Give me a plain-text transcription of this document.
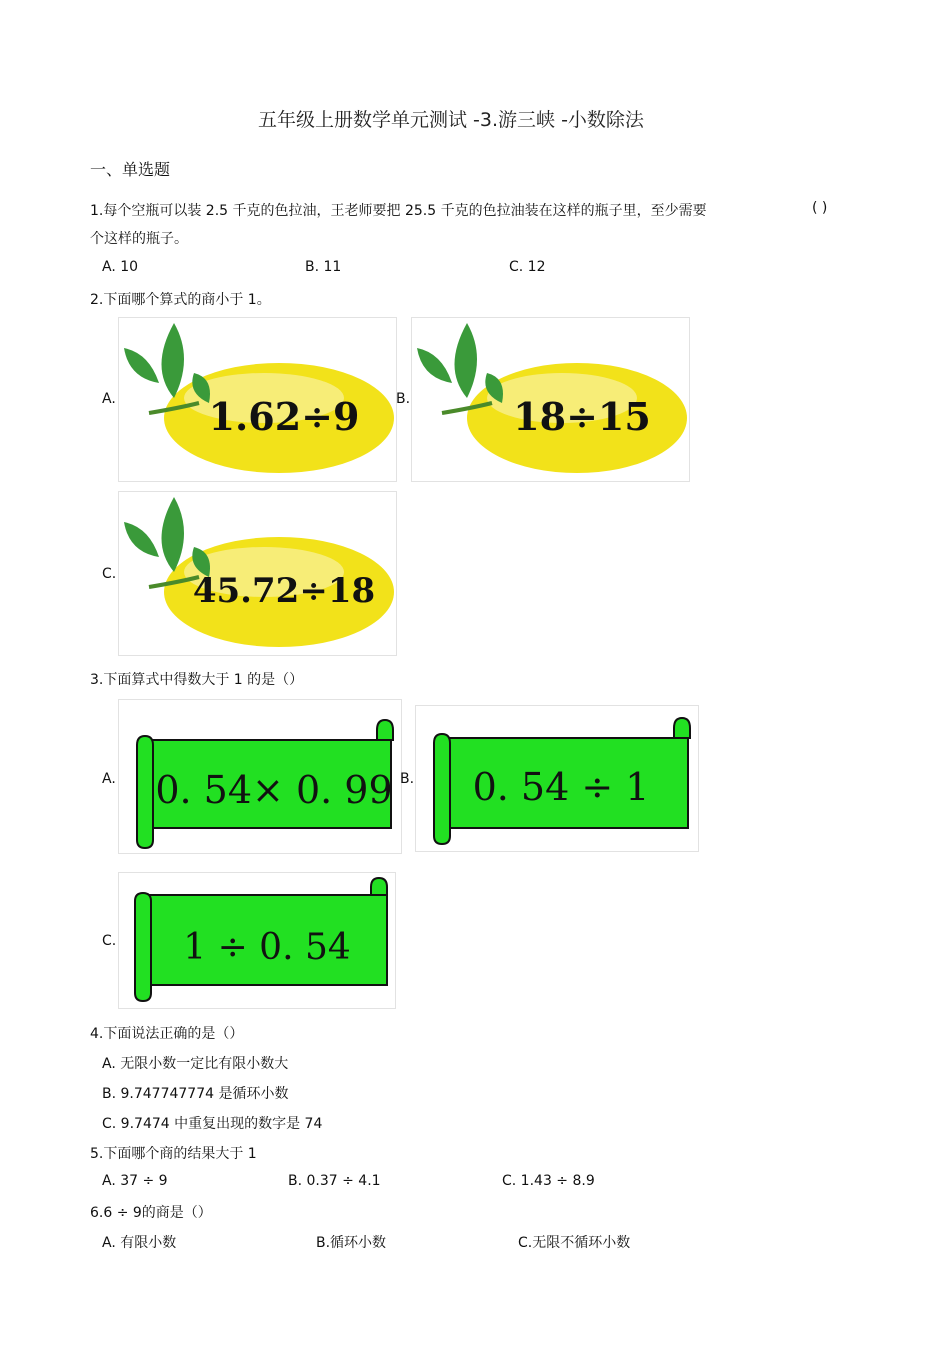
五年级上册数学单元测试 -3.游三峡 -小数除法
一、单选题
1.每个空瓶可以装 2.5 千克的色拉油，王老师要把 25.5 千克的色拉油装在这样的瓶子里，至少需要	( )
个这样的瓶子。
A. 10	B. 11	C. 12
2.下面哪个算式的商小于 1。
A. 1.62÷9	B.	18÷15
C. 45.72÷18
3.下面算式中得数大于 1 的是（）
A. 0. 54× 0. 99 B. 0. 54 ÷ 1
C. 1 ÷ 0. 54
4.下面说法正确的是（）
A. 无限小数一定比有限小数大
B. 9.747747774 是循环小数
C. 9.7474 中重复出现的数字是 74
5.下面哪个商的结果大于 1
A. 37 ÷ 9	B. 0.37 ÷ 4.1	C. 1.43 ÷ 8.9
6.6 ÷ 9的商是（）
A. 有限小数	B.循环小数	C.无限不循环小数
